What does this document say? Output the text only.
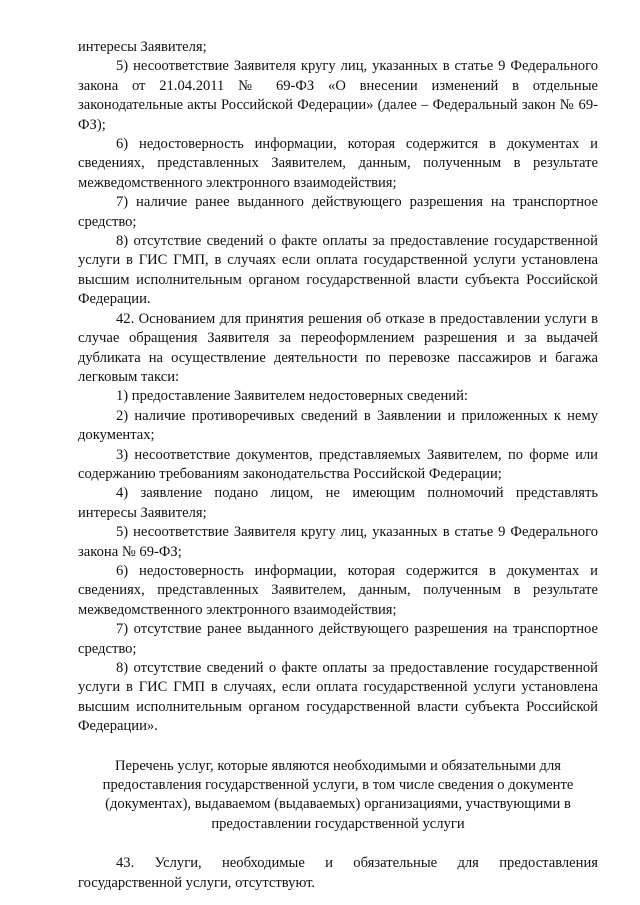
интересы Заявителя;

5) несоответствие Заявителя кругу лиц, указанных в статье 9 Федерального закона от 21.04.2011 № 69-ФЗ «О внесении изменений в отдельные законодательные акты Российской Федерации» (далее – Федеральный закон № 69-ФЗ);

6) недостоверность информации, которая содержится в документах и сведениях, представленных Заявителем, данным, полученным в результате межведомственного электронного взаимодействия;

7) наличие ранее выданного действующего разрешения на транспортное средство;

8) отсутствие сведений о факте оплаты за предоставление государственной услуги в ГИС ГМП, в случаях если оплата государственной услуги установлена высшим исполнительным органом государственной власти субъекта Российской Федерации.

42. Основанием для принятия решения об отказе в предоставлении услуги в случае обращения Заявителя за переоформлением разрешения и за выдачей дубликата на осуществление деятельности по перевозке пассажиров и багажа легковым такси:

1) предоставление Заявителем недостоверных сведений:

2) наличие противоречивых сведений в Заявлении и приложенных к нему документах;

3) несоответствие документов, представляемых Заявителем, по форме или содержанию требованиям законодательства Российской Федерации;

4) заявление подано лицом, не имеющим полномочий представлять интересы Заявителя;

5) несоответствие Заявителя кругу лиц, указанных в статье 9 Федерального закона № 69-ФЗ;

6) недостоверность информации, которая содержится в документах и сведениях, представленных Заявителем, данным, полученным в результате межведомственного электронного взаимодействия;

7) отсутствие ранее выданного действующего разрешения на транспортное средство;

8) отсутствие сведений о факте оплаты за предоставление государственной услуги в ГИС ГМП в случаях, если оплата государственной услуги установлена высшим исполнительным органом государственной власти субъекта Российской Федерации».

Перечень услуг, которые являются необходимыми и обязательными для предоставления государственной услуги, в том числе сведения о документе (документах), выдаваемом (выдаваемых) организациями, участвующими в предоставлении государственной услуги

43. Услуги, необходимые и обязательные для предоставления государственной услуги, отсутствуют.
